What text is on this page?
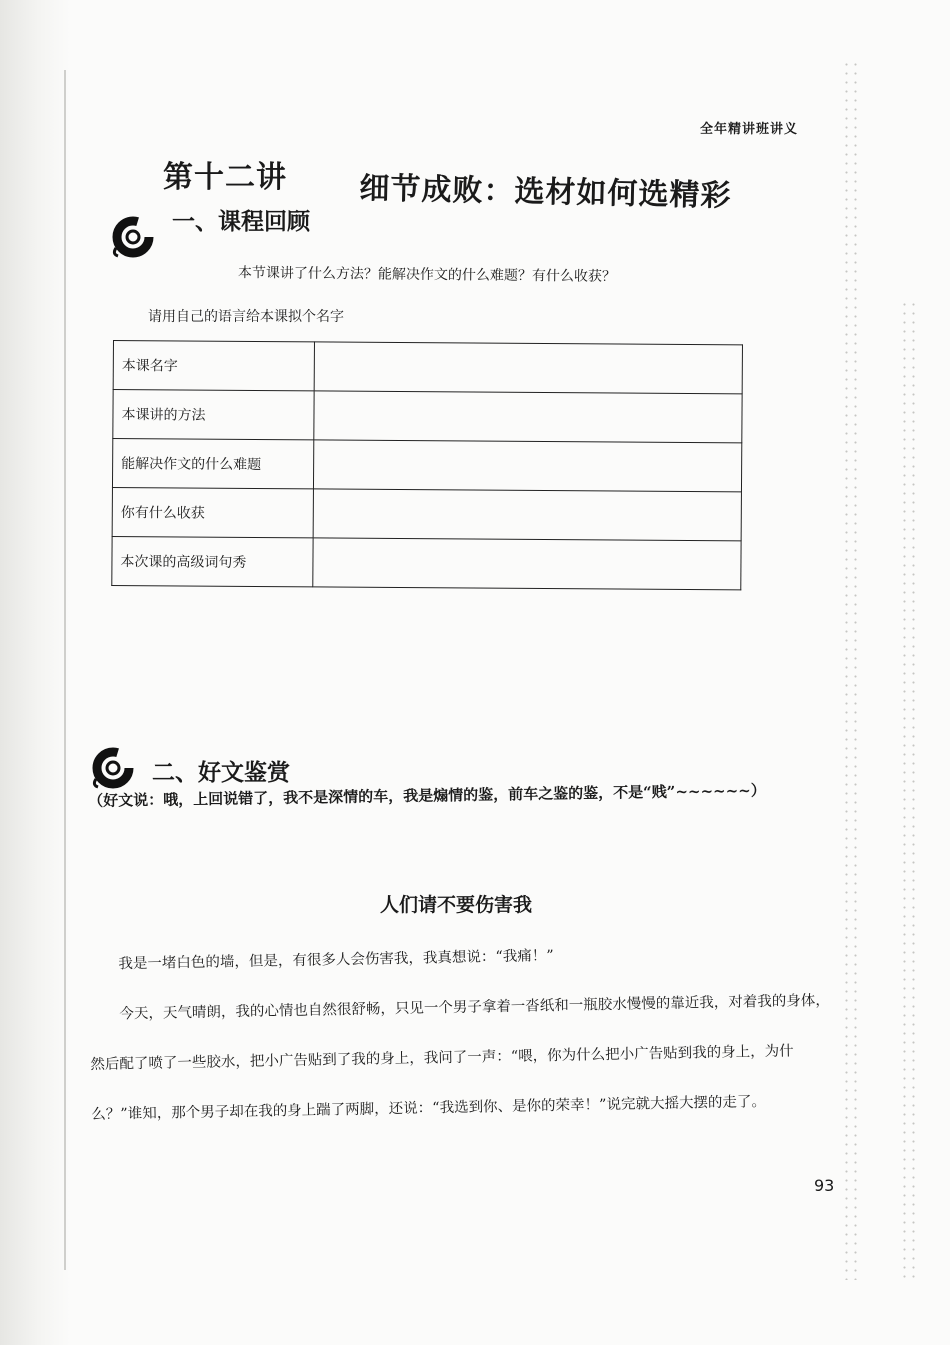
全年精讲班讲义
第十二讲 细节成败：选材如何选精彩
一、课程回顾
本节课讲了什么方法？能解决作文的什么难题？有什么收获？
请用自己的语言给本课拟个名字
本课名字	
本课讲的方法	
能解决作文的什么难题	
你有什么收获	
本次课的高级词句秀	
二、好文鉴赏
（好文说：哦，上回说错了，我不是深情的车，我是煽情的鉴，前车之鉴的鉴，不是“贱”~~~~~~）
人们请不要伤害我

我是一堵白色的墙，但是，有很多人会伤害我，我真想说：“我痛！”

今天，天气晴朗，我的心情也自然很舒畅，只见一个男子拿着一沓纸和一瓶胶水慢慢的靠近我，对着我的身体，然后配了喷了一些胶水，把小广告贴到了我的身上，我问了一声：“喂，你为什么把小广告贴到我的身上，为什么？”谁知，那个男子却在我的身上踹了两脚，还说：“我选到你、是你的荣幸！”说完就大摇大摆的走了。

93
